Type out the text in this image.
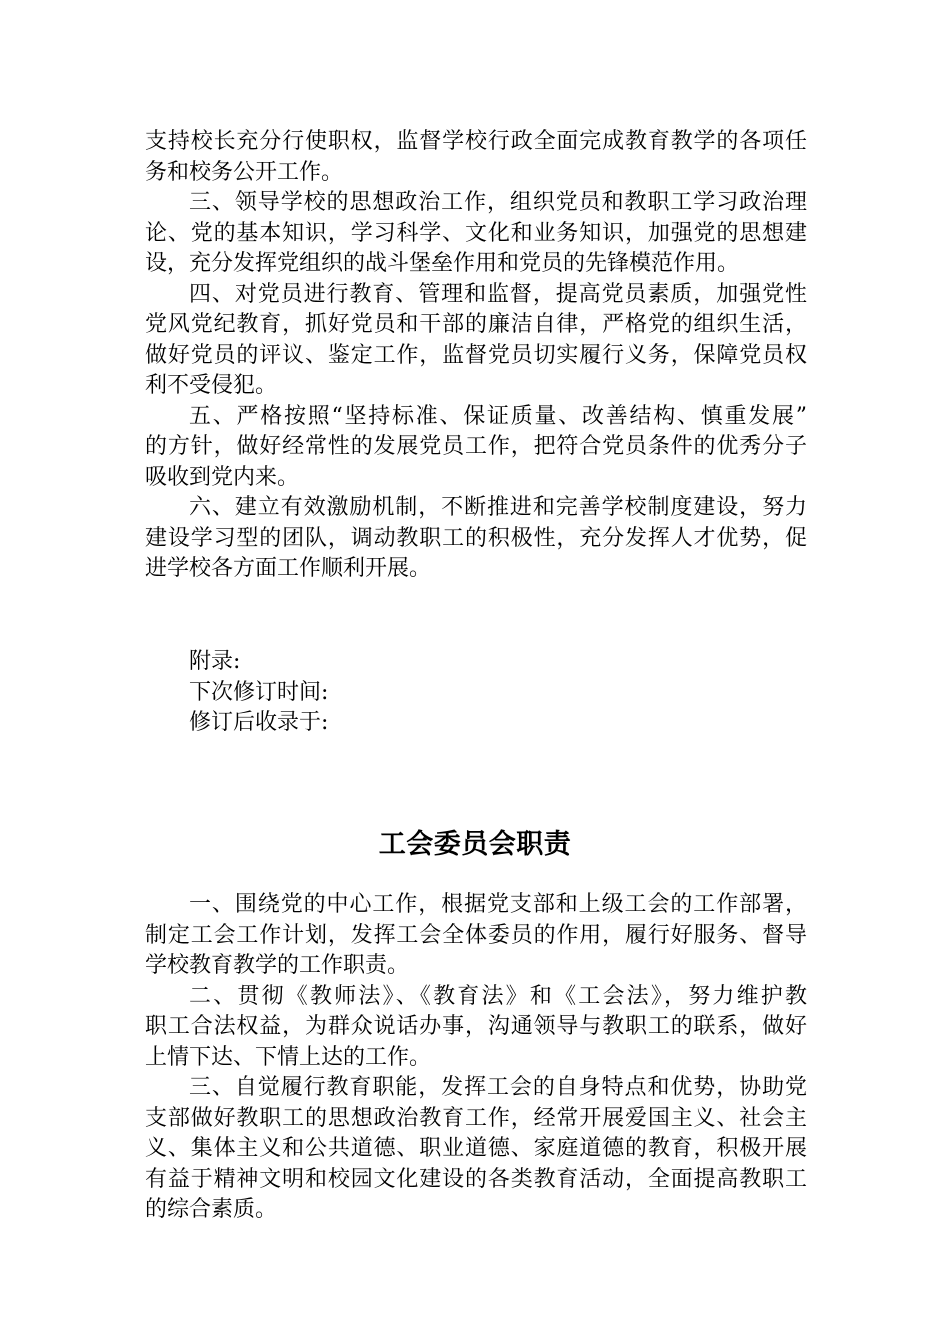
支持校长充分行使职权，监督学校行政全面完成教育教学的各项任
务和校务公开工作。
三、领导学校的思想政治工作，组织党员和教职工学习政治理
论、党的基本知识，学习科学、文化和业务知识，加强党的思想建
设，充分发挥党组织的战斗堡垒作用和党员的先锋模范作用。
四、对党员进行教育、管理和监督，提高党员素质，加强党性
党风党纪教育，抓好党员和干部的廉洁自律，严格党的组织生活，
做好党员的评议、鉴定工作，监督党员切实履行义务，保障党员权
利不受侵犯。
五、严格按照“坚持标准、保证质量、改善结构、慎重发展”
的方针，做好经常性的发展党员工作，把符合党员条件的优秀分子
吸收到党内来。
六、建立有效激励机制，不断推进和完善学校制度建设，努力
建设学习型的团队，调动教职工的积极性，充分发挥人才优势，促
进学校各方面工作顺利开展。
附录:
下次修订时间:
修订后收录于:
工会委员会职责
一、围绕党的中心工作，根据党支部和上级工会的工作部署，
制定工会工作计划，发挥工会全体委员的作用，履行好服务、督导
学校教育教学的工作职责。
二、贯彻《教师法》、《教育法》和《工会法》，努力维护教
职工合法权益，为群众说话办事，沟通领导与教职工的联系，做好
上情下达、下情上达的工作。
三、自觉履行教育职能，发挥工会的自身特点和优势，协助党
支部做好教职工的思想政治教育工作，经常开展爱国主义、社会主
义、集体主义和公共道德、职业道德、家庭道德的教育，积极开展
有益于精神文明和校园文化建设的各类教育活动，全面提高教职工
的综合素质。
